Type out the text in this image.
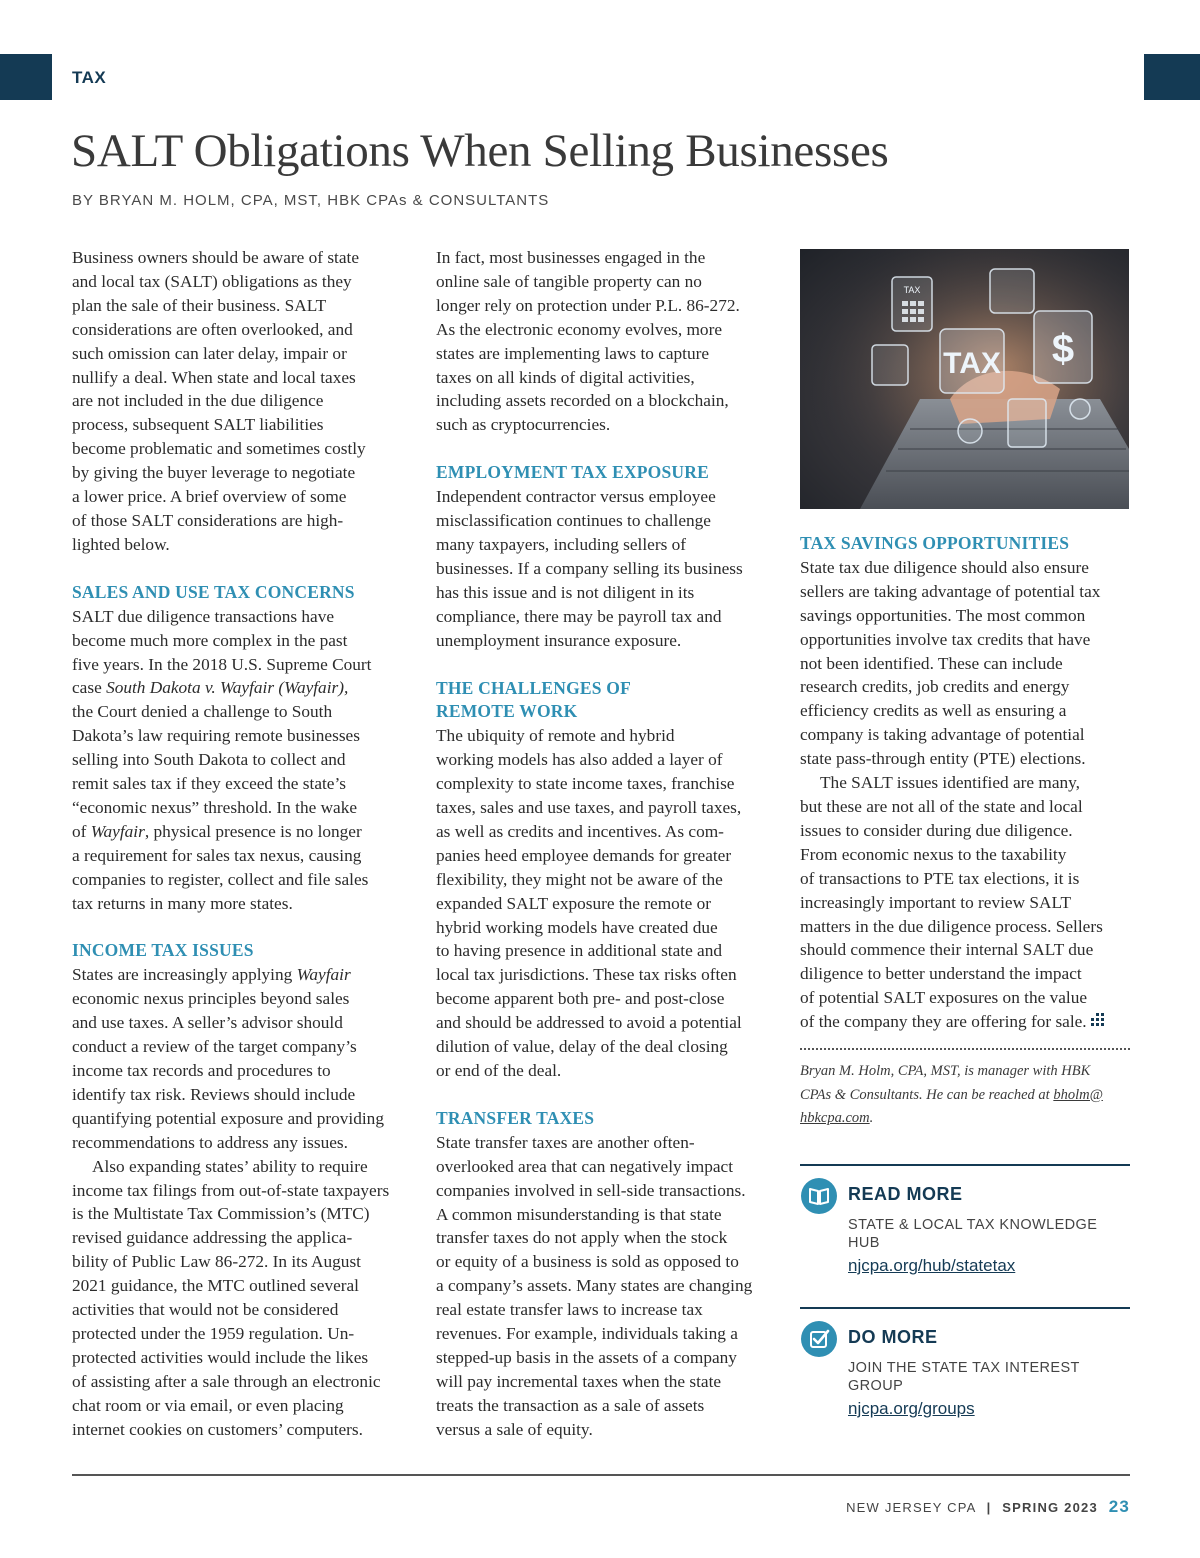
TAX
SALT Obligations When Selling Businesses
BY BRYAN M. HOLM, CPA, MST, HBK CPAs & CONSULTANTS

Business owners should be aware of state
and local tax (SALT) obligations as they
plan the sale of their business. SALT
considerations are often overlooked, and
such omission can later delay, impair or
nullify a deal. When state and local taxes
are not included in the due diligence
process, subsequent SALT liabilities
become problematic and sometimes costly
by giving the buyer leverage to negotiate
a lower price. A brief overview of some
of those SALT considerations are high-
lighted below.

SALES AND USE TAX CONCERNS

SALT due diligence transactions have
become much more complex in the past
five years. In the 2018 U.S. Supreme Court
case South Dakota v. Wayfair (Wayfair),
the Court denied a challenge to South
Dakota’s law requiring remote businesses
selling into South Dakota to collect and
remit sales tax if they exceed the state’s
“economic nexus” threshold. In the wake
of Wayfair, physical presence is no longer
a requirement for sales tax nexus, causing
companies to register, collect and file sales
tax returns in many more states.

INCOME TAX ISSUES

States are increasingly applying Wayfair
economic nexus principles beyond sales
and use taxes. A seller’s advisor should
conduct a review of the target company’s
income tax records and procedures to
identify tax risk. Reviews should include
quantifying potential exposure and providing
recommendations to address any issues.

Also expanding states’ ability to require
income tax filings from out-of-state taxpayers
is the Multistate Tax Commission’s (MTC)
revised guidance addressing the applica-
bility of Public Law 86-272. In its August
2021 guidance, the MTC outlined several
activities that would not be considered
protected under the 1959 regulation. Un-
protected activities would include the likes
of assisting after a sale through an electronic
chat room or via email, or even placing
internet cookies on customers’ computers.

In fact, most businesses engaged in the
online sale of tangible property can no
longer rely on protection under P.L. 86-272.
As the electronic economy evolves, more
states are implementing laws to capture
taxes on all kinds of digital activities,
including assets recorded on a blockchain,
such as cryptocurrencies.

EMPLOYMENT TAX EXPOSURE

Independent contractor versus employee
misclassification continues to challenge
many taxpayers, including sellers of
businesses. If a company selling its business
has this issue and is not diligent in its
compliance, there may be payroll tax and
unemployment insurance exposure.

THE CHALLENGES OF
REMOTE WORK

The ubiquity of remote and hybrid
working models has also added a layer of
complexity to state income taxes, franchise
taxes, sales and use taxes, and payroll taxes,
as well as credits and incentives. As com-
panies heed employee demands for greater
flexibility, they might not be aware of the
expanded SALT exposure the remote or
hybrid working models have created due
to having presence in additional state and
local tax jurisdictions. These tax risks often
become apparent both pre- and post-close
and should be addressed to avoid a potential
dilution of value, delay of the deal closing
or end of the deal.

TRANSFER TAXES

State transfer taxes are another often-
overlooked area that can negatively impact
companies involved in sell-side transactions.
A common misunderstanding is that state
transfer taxes do not apply when the stock
or equity of a business is sold as opposed to
a company’s assets. Many states are changing
real estate transfer laws to increase tax
revenues. For example, individuals taking a
stepped-up basis in the assets of a company
will pay incremental taxes when the state
treats the transaction as a sale of assets
versus a sale of equity.

TAX $
TAX
TAX SAVINGS OPPORTUNITIES

State tax due diligence should also ensure
sellers are taking advantage of potential tax
savings opportunities. The most common
opportunities involve tax credits that have
not been identified. These can include
research credits, job credits and energy
efficiency credits as well as ensuring a
company is taking advantage of potential
state pass-through entity (PTE) elections.

The SALT issues identified are many,
but these are not all of the state and local
issues to consider during due diligence.
From economic nexus to the taxability
of transactions to PTE tax elections, it is
increasingly important to review SALT
matters in the due diligence process. Sellers
should commence their internal SALT due
diligence to better understand the impact
of potential SALT exposures on the value
of the company they are offering for sale.

Bryan M. Holm, CPA, MST, is manager with HBK
CPAs & Consultants. He can be reached at bholm@
hbkcpa.com.
READ MORE
STATE & LOCAL TAX KNOWLEDGE HUB
njcpa.org/hub/statetax
DO MORE
JOIN THE STATE TAX INTEREST GROUP
njcpa.org/groups
NEW JERSEY CPA | SPRING 2023 23
